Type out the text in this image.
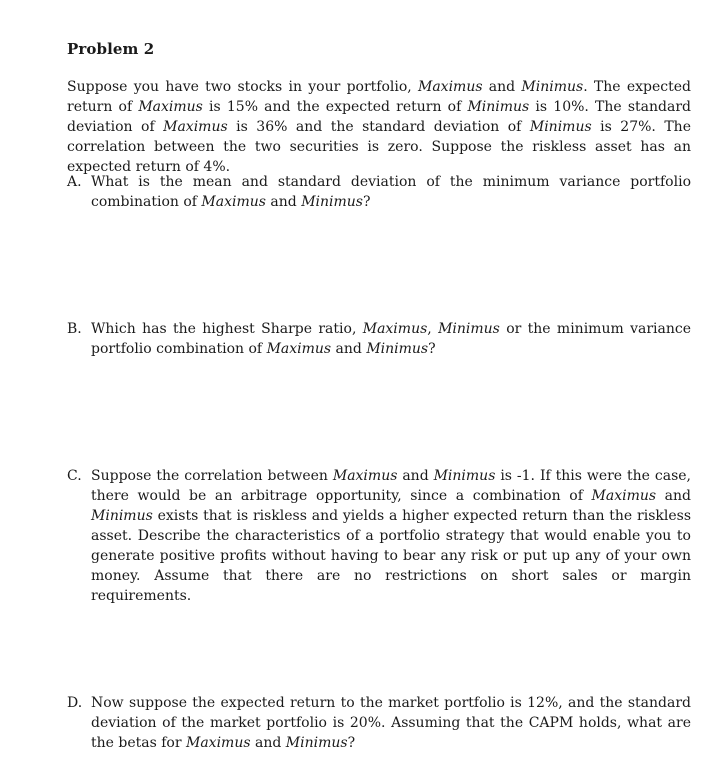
Problem 2
Suppose you have two stocks in your portfolio, Maximus and Minimus. The expected return of Maximus is 15% and the expected return of Minimus is 10%. The standard deviation of Maximus is 36% and the standard deviation of Minimus is 27%. The correlation between the two securities is zero. Suppose the riskless asset has an expected return of 4%.
A. What is the mean and standard deviation of the minimum variance portfolio combination of Maximus and Minimus?
B. Which has the highest Sharpe ratio, Maximus, Minimus or the minimum variance portfolio combination of Maximus and Minimus?
C. Suppose the correlation between Maximus and Minimus is -1. If this were the case, there would be an arbitrage opportunity, since a combination of Maximus and Minimus exists that is riskless and yields a higher expected return than the riskless asset. Describe the characteristics of a portfolio strategy that would enable you to generate positive profits without having to bear any risk or put up any of your own money. Assume that there are no restrictions on short sales or margin requirements.
D. Now suppose the expected return to the market portfolio is 12%, and the standard deviation of the market portfolio is 20%. Assuming that the CAPM holds, what are the betas for Maximus and Minimus?
